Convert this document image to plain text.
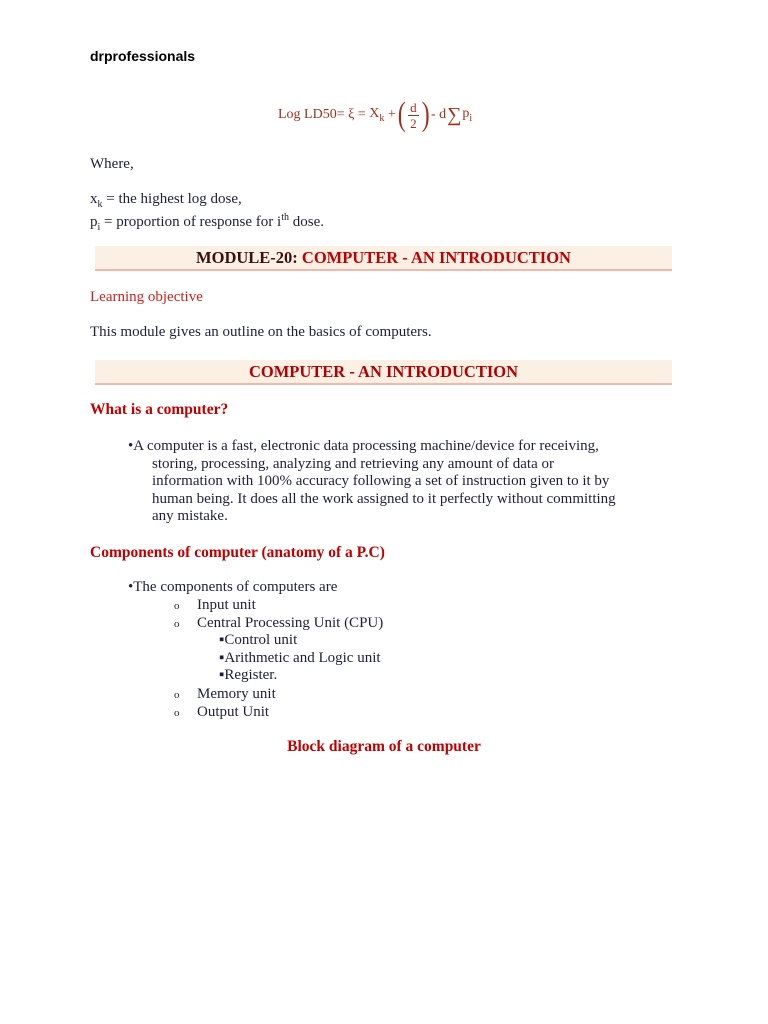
drprofessionals
Log LD50 =
ξ
=
$X_k$
+ ( $\frac{d}{2}$ ) -
d ∑ $p_i$
Where,
$x_k$ = the highest log dose,
$p_i$ = proportion of response for $i^{th}$ dose.
MODULE-20: COMPUTER - AN INTRODUCTION
Learning objective
This module gives an outline on the basics of computers.
COMPUTER - AN INTRODUCTION
What is a computer?
•A computer is a fast, electronic data processing machine/device for receiving,
storing, processing, analyzing and retrieving any amount of data or
information with 100% accuracy following a set of instruction given to it by
human being. It does all the work assigned to it perfectly without committing
any mistake.
Components of computer (anatomy of a P.C)
•The components of computers are
o Input unit
o Central Processing Unit (CPU)
▪Control unit
▪Arithmetic and Logic unit
▪Register.
o Memory unit
o Output Unit
Block diagram of a computer
